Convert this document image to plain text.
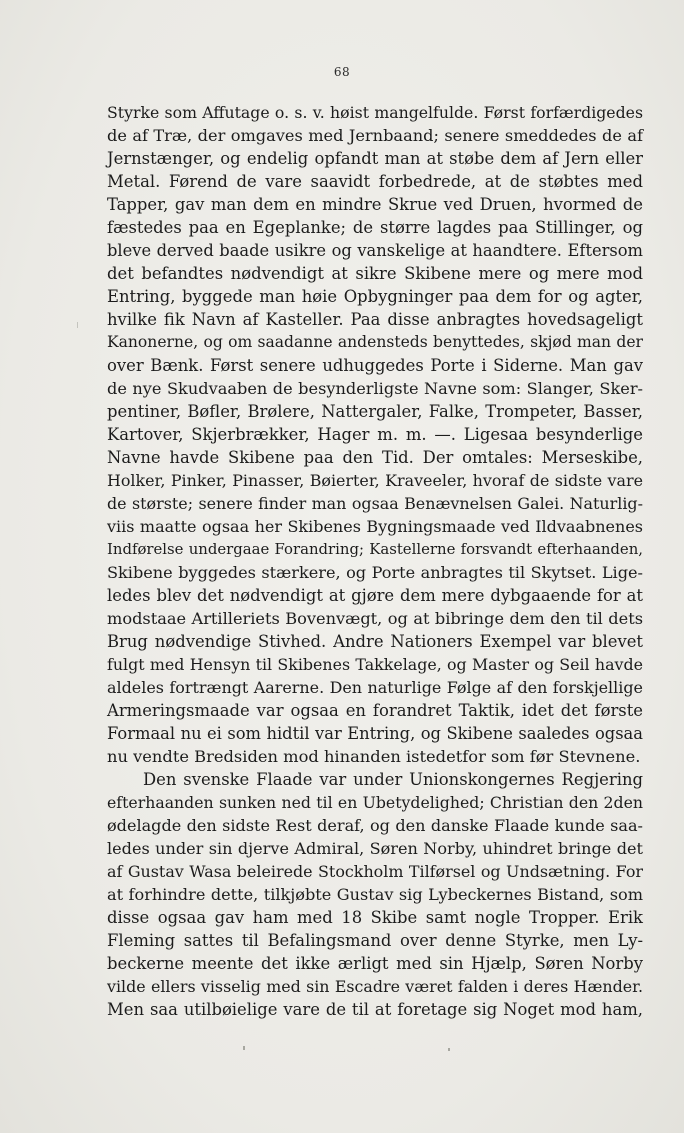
68
Styrke som Affutage o. s. v. høist mangelfulde. Først forfærdigedes
de af Træ, der omgaves med Jernbaand; senere smeddedes de af
Jernstænger, og endelig opfandt man at støbe dem af Jern eller
Metal. Førend de vare saavidt forbedrede, at de støbtes med
Tapper, gav man dem en mindre Skrue ved Druen, hvormed de
fæstedes paa en Egeplanke; de større lagdes paa Stillinger, og
bleve derved baade usikre og vanskelige at haandtere. Eftersom
det befandtes nødvendigt at sikre Skibene mere og mere mod
Entring, byggede man høie Opbygninger paa dem for og agter,
hvilke fik Navn af Kasteller. Paa disse anbragtes hovedsageligt
Kanonerne, og om saadanne andensteds benyttedes, skjød man der
over Bænk. Først senere udhuggedes Porte i Siderne. Man gav
de nye Skudvaaben de besynderligste Navne som: Slanger, Sker-
pentiner, Bøfler, Brølere, Nattergaler, Falke, Trompeter, Basser,
Kartover, Skjerbrækker, Hager m. m. —. Ligesaa besynderlige
Navne havde Skibene paa den Tid. Der omtales: Merseskibe,
Holker, Pinker, Pinasser, Bøierter, Kraveeler, hvoraf de sidste vare
de største; senere finder man ogsaa Benævnelsen Galei. Naturlig-
viis maatte ogsaa her Skibenes Bygningsmaade ved Ildvaabnenes
Indførelse undergaae Forandring; Kastellerne forsvandt efterhaanden,
Skibene byggedes stærkere, og Porte anbragtes til Skytset. Lige-
ledes blev det nødvendigt at gjøre dem mere dybgaaende for at
modstaae Artilleriets Bovenvægt, og at bibringe dem den til dets
Brug nødvendige Stivhed. Andre Nationers Exempel var blevet
fulgt med Hensyn til Skibenes Takkelage, og Master og Seil havde
aldeles fortrængt Aarerne. Den naturlige Følge af den forskjellige
Armeringsmaade var ogsaa en forandret Taktik, idet det første
Formaal nu ei som hidtil var Entring, og Skibene saaledes ogsaa
nu vendte Bredsiden mod hinanden istedetfor som før Stevnene.
Den svenske Flaade var under Unionskongernes Regjering
efterhaanden sunken ned til en Ubetydelighed; Christian den 2den
ødelagde den sidste Rest deraf, og den danske Flaade kunde saa-
ledes under sin djerve Admiral, Søren Norby, uhindret bringe det
af Gustav Wasa beleirede Stockholm Tilførsel og Undsætning. For
at forhindre dette, tilkjøbte Gustav sig Lybeckernes Bistand, som
disse ogsaa gav ham med 18 Skibe samt nogle Tropper. Erik
Fleming sattes til Befalingsmand over denne Styrke, men Ly-
beckerne meente det ikke ærligt med sin Hjælp, Søren Norby
vilde ellers visselig med sin Escadre været falden i deres Hænder.
Men saa utilbøielige vare de til at foretage sig Noget mod ham,
